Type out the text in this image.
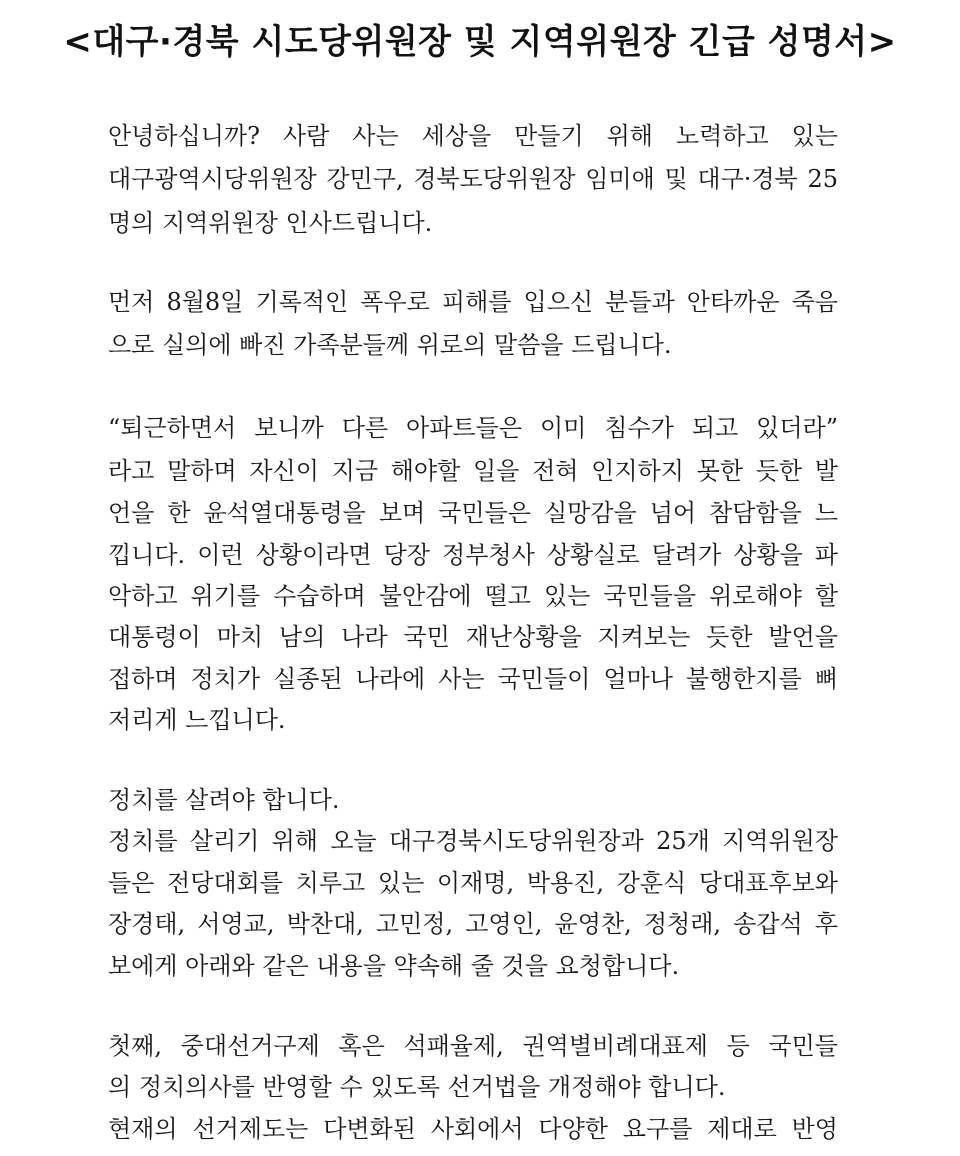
<대구·경북 시도당위원장 및 지역위원장 긴급 성명서>
안녕하십니까? 사람 사는 세상을 만들기 위해 노력하고 있는
대구광역시당위원장 강민구, 경북도당위원장 임미애 및 대구·경북 25
명의 지역위원장 인사드립니다.
먼저 8월8일 기록적인 폭우로 피해를 입으신 분들과 안타까운 죽음
으로 실의에 빠진 가족분들께 위로의 말씀을 드립니다.
“퇴근하면서 보니까 다른 아파트들은 이미 침수가 되고 있더라”
라고 말하며 자신이 지금 해야할 일을 전혀 인지하지 못한 듯한 발
언을 한 윤석열대통령을 보며 국민들은 실망감을 넘어 참담함을 느
낍니다. 이런 상황이라면 당장 정부청사 상황실로 달려가 상황을 파
악하고 위기를 수습하며 불안감에 떨고 있는 국민들을 위로해야 할
대통령이 마치 남의 나라 국민 재난상황을 지켜보는 듯한 발언을
접하며 정치가 실종된 나라에 사는 국민들이 얼마나 불행한지를 뼈
저리게 느낍니다.
정치를 살려야 합니다.
정치를 살리기 위해 오늘 대구경북시도당위원장과 25개 지역위원장
들은 전당대회를 치루고 있는 이재명, 박용진, 강훈식 당대표후보와
장경태, 서영교, 박찬대, 고민정, 고영인, 윤영찬, 정청래, 송갑석 후
보에게 아래와 같은 내용을 약속해 줄 것을 요청합니다.
첫째, 중대선거구제 혹은 석패율제, 권역별비례대표제 등 국민들
의 정치의사를 반영할 수 있도록 선거법을 개정해야 합니다.
현재의 선거제도는 다변화된 사회에서 다양한 요구를 제대로 반영
